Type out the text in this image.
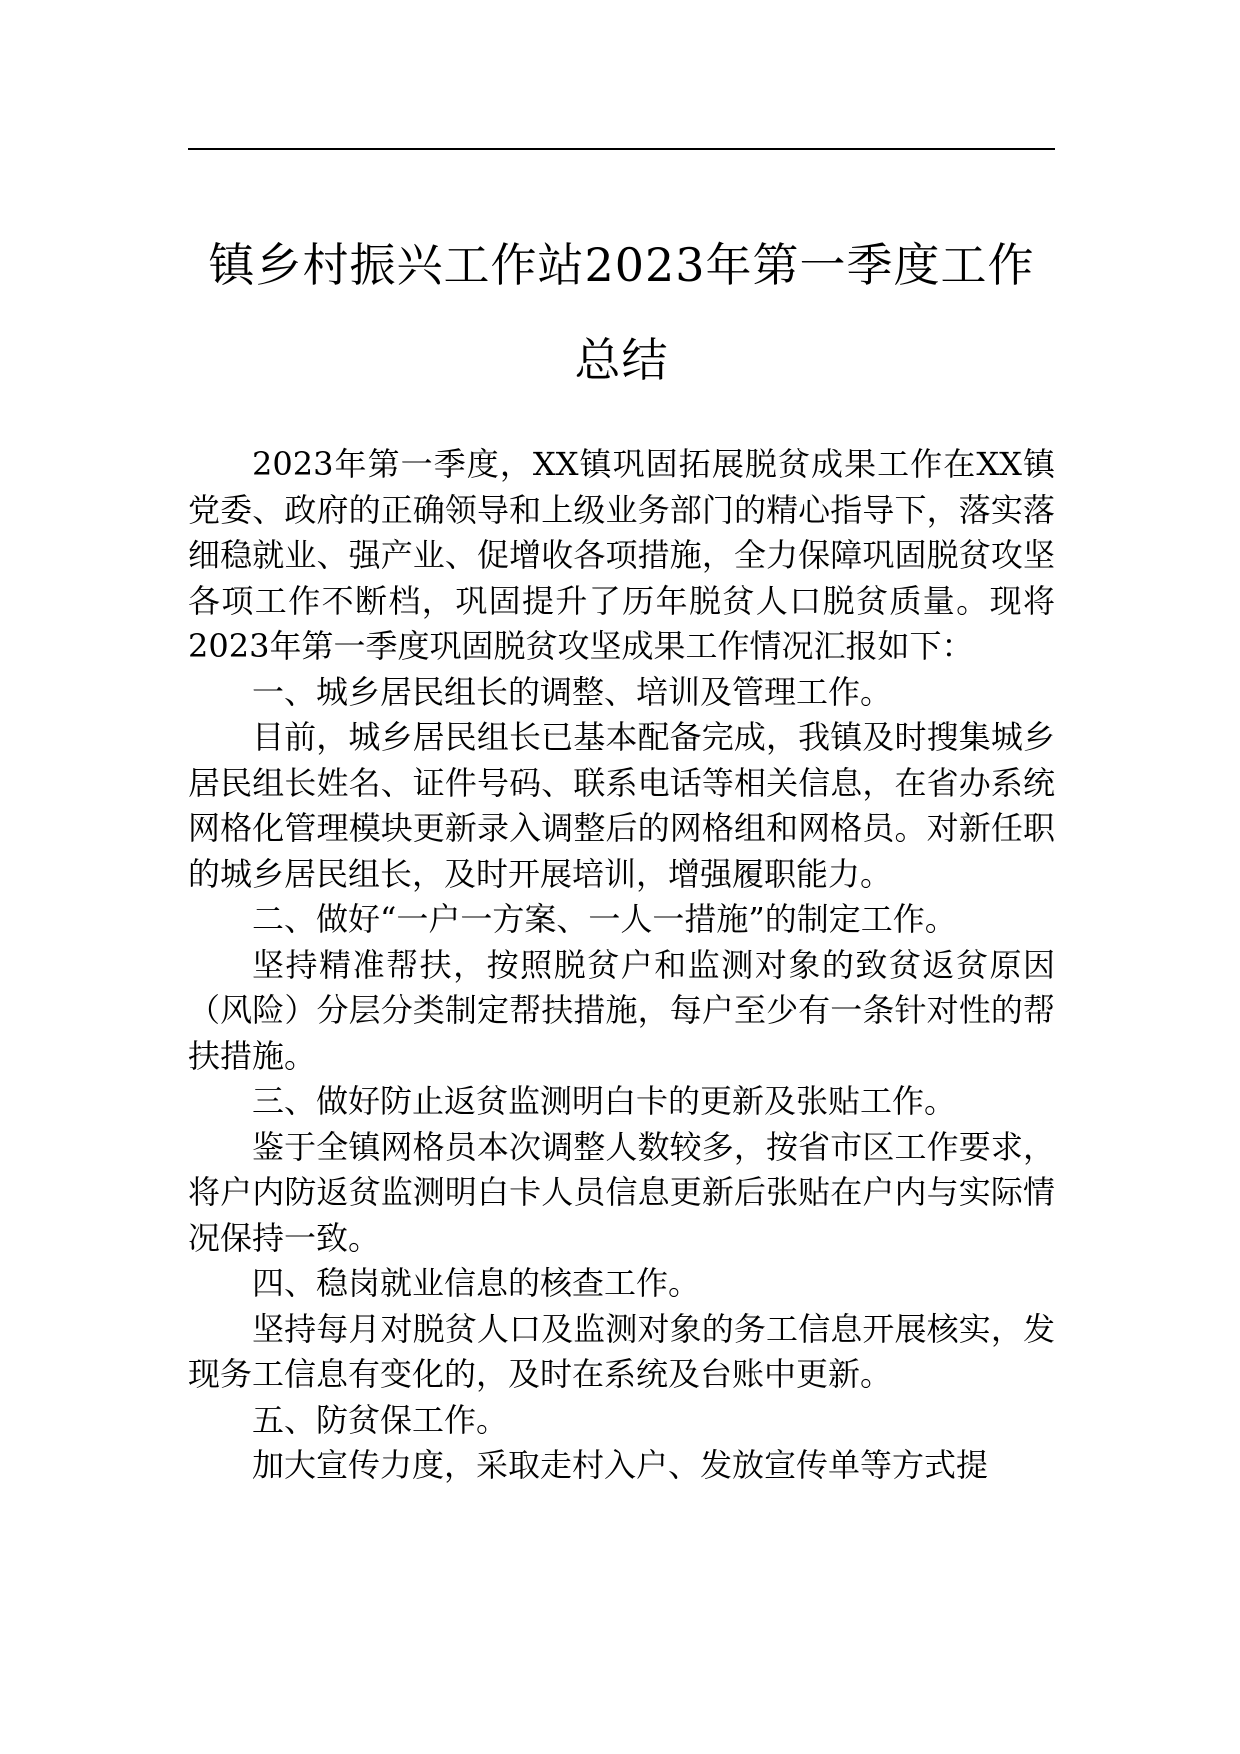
镇乡村振兴工作站2023年第一季度工作总结

2023年第一季度，XX镇巩固拓展脱贫成果工作在XX镇党委、政府的正确领导和上级业务部门的精心指导下，落实落细稳就业、强产业、促增收各项措施，全力保障巩固脱贫攻坚各项工作不断档，巩固提升了历年脱贫人口脱贫质量。现将2023年第一季度巩固脱贫攻坚成果工作情况汇报如下：

一、城乡居民组长的调整、培训及管理工作。

目前，城乡居民组长已基本配备完成，我镇及时搜集城乡居民组长姓名、证件号码、联系电话等相关信息，在省办系统网格化管理模块更新录入调整后的网格组和网格员。对新任职的城乡居民组长，及时开展培训，增强履职能力。

二、做好“一户一方案、一人一措施”的制定工作。

坚持精准帮扶，按照脱贫户和监测对象的致贫返贫原因（风险）分层分类制定帮扶措施，每户至少有一条针对性的帮扶措施。

三、做好防止返贫监测明白卡的更新及张贴工作。

鉴于全镇网格员本次调整人数较多，按省市区工作要求，将户内防返贫监测明白卡人员信息更新后张贴在户内与实际情况保持一致。

四、稳岗就业信息的核查工作。

坚持每月对脱贫人口及监测对象的务工信息开展核实，发现务工信息有变化的，及时在系统及台账中更新。

五、防贫保工作。

加大宣传力度，采取走村入户、发放宣传单等方式提
